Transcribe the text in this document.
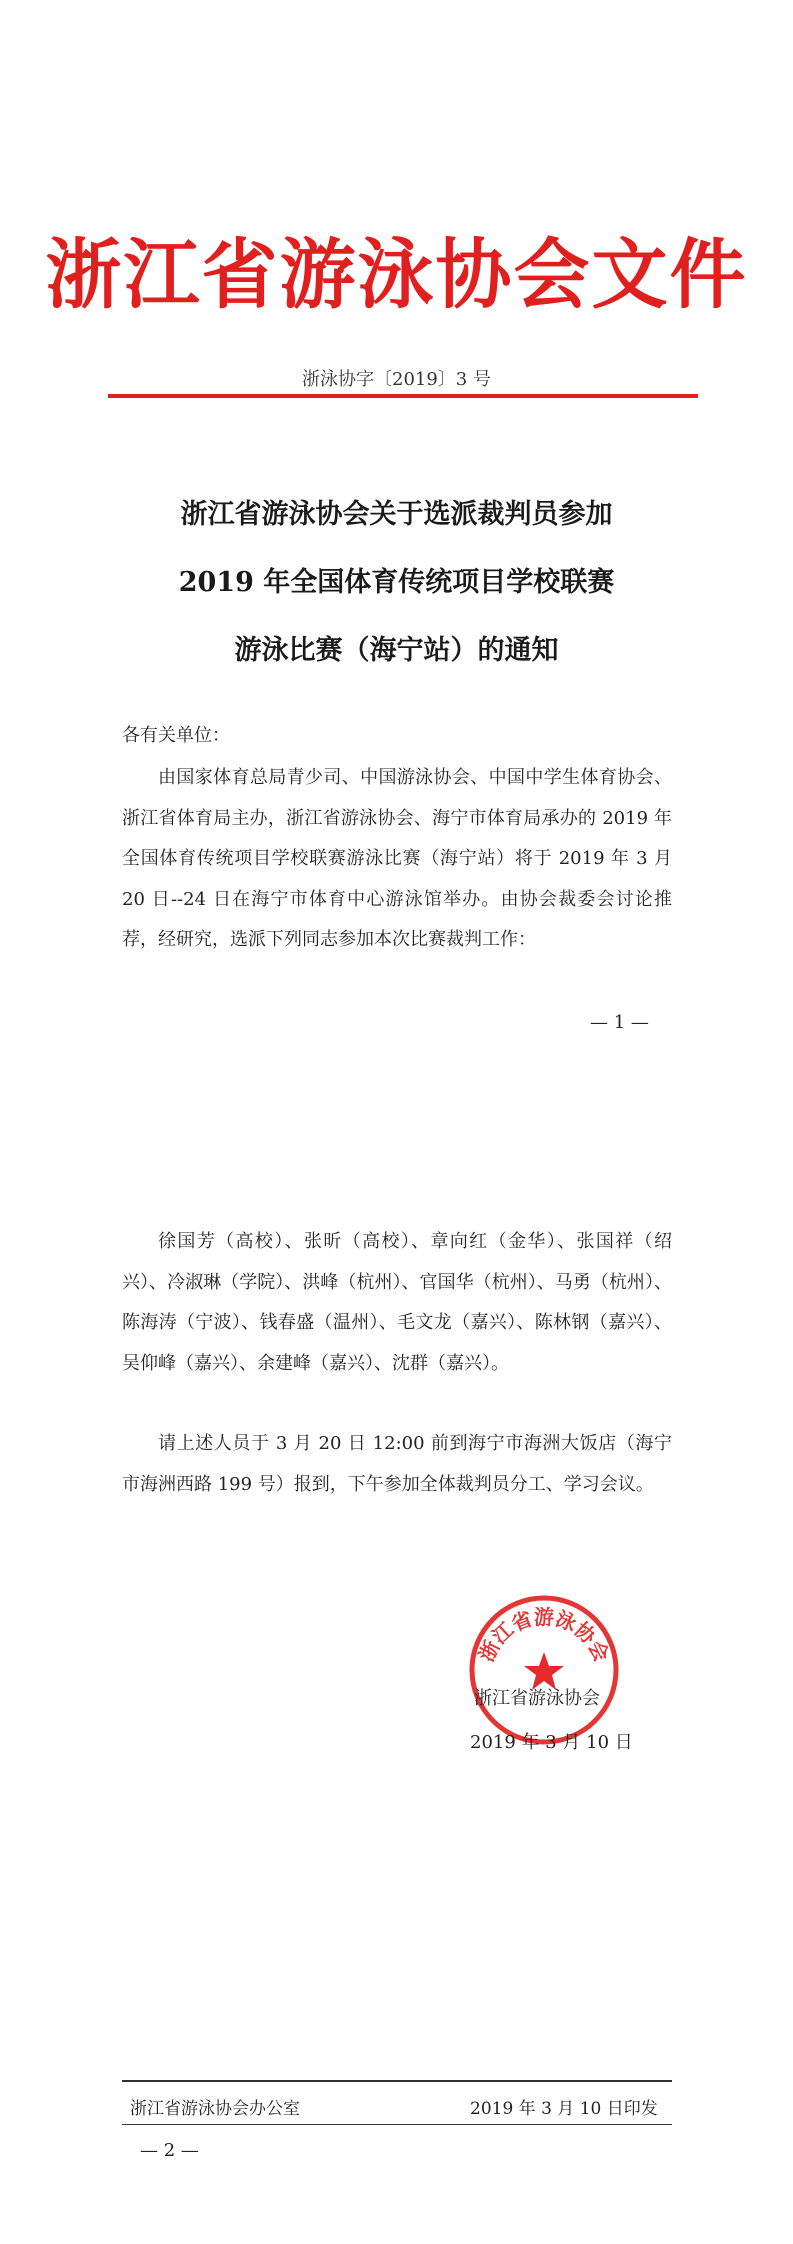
浙江省游泳协会文件
浙泳协字〔2019〕3 号
浙江省游泳协会关于选派裁判员参加
2019 年全国体育传统项目学校联赛
游泳比赛（海宁站）的通知
各有关单位：
由国家体育总局青少司、中国游泳协会、中国中学生体育协会、浙江省体育局主办，浙江省游泳协会、海宁市体育局承办的 2019 年全国体育传统项目学校联赛游泳比赛（海宁站）将于 2019 年 3 月 20 日--24 日在海宁市体育中心游泳馆举办。由协会裁委会讨论推荐，经研究，选派下列同志参加本次比赛裁判工作：
— 1 —
徐国芳（高校）、张昕（高校）、章向红（金华）、张国祥（绍兴）、冷淑琳（学院）、洪峰（杭州）、官国华（杭州）、马勇（杭州）、陈海涛（宁波）、钱春盛（温州）、毛文龙（嘉兴）、陈林钢（嘉兴）、吴仰峰（嘉兴）、余建峰（嘉兴）、沈群（嘉兴）。
请上述人员于 3 月 20 日 12:00 前到海宁市海洲大饭店（海宁市海洲西路 199 号）报到，下午参加全体裁判员分工、学习会议。
浙江省游泳协会
浙江省游泳协会
2019 年 3 月 10 日
浙江省游泳协会办公室	2019 年 3 月 10 日印发
— 2 —
